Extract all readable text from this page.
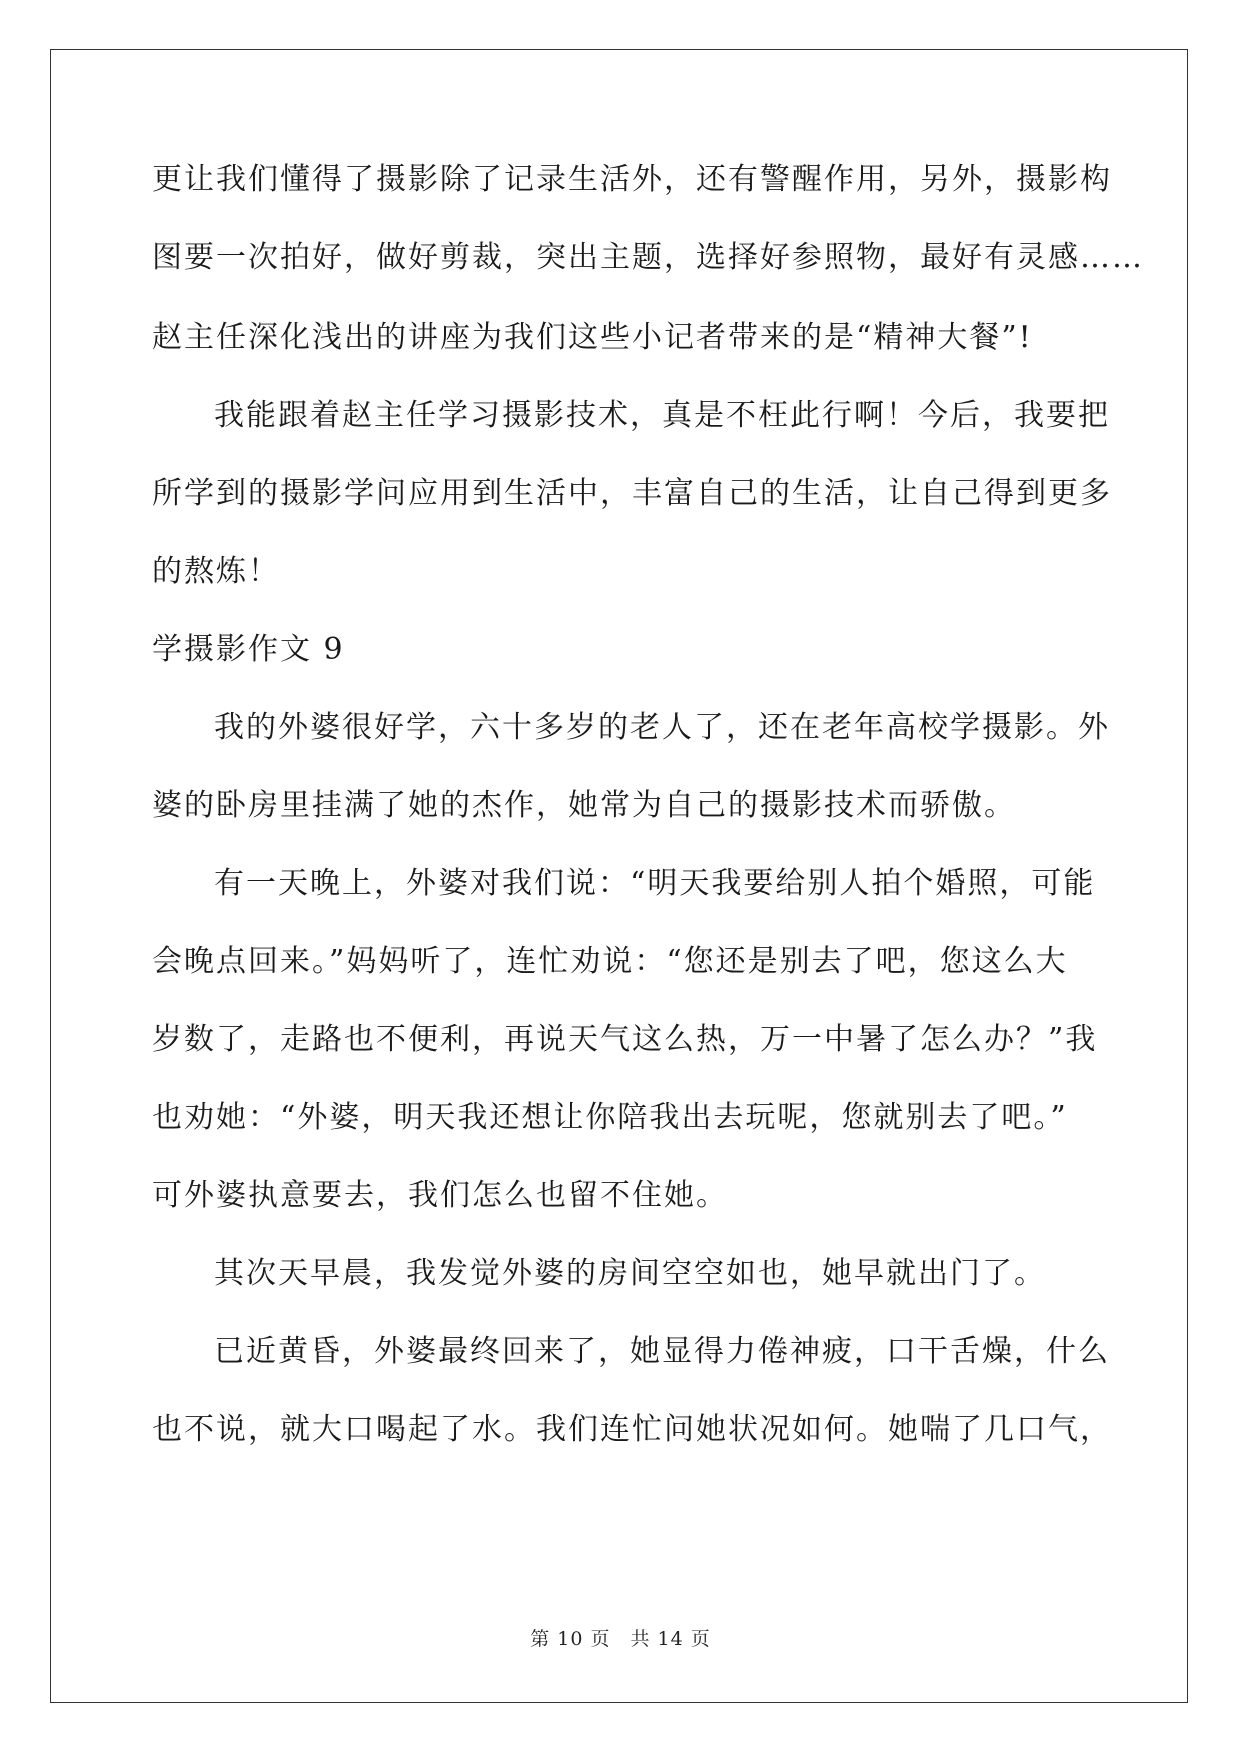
更让我们懂得了摄影除了记录生活外，还有警醒作用，另外，摄影构
图要一次拍好，做好剪裁，突出主题，选择好参照物，最好有灵感……
赵主任深化浅出的讲座为我们这些小记者带来的是“精神大餐”!
我能跟着赵主任学习摄影技术，真是不枉此行啊！今后，我要把
所学到的摄影学问应用到生活中，丰富自己的生活，让自己得到更多
的熬炼！
学摄影作文 9
我的外婆很好学，六十多岁的老人了，还在老年高校学摄影。外
婆的卧房里挂满了她的杰作，她常为自己的摄影技术而骄傲。
有一天晚上，外婆对我们说：“明天我要给别人拍个婚照，可能
会晚点回来。”妈妈听了，连忙劝说：“您还是别去了吧，您这么大
岁数了，走路也不便利，再说天气这么热，万一中暑了怎么办？”我
也劝她：“外婆，明天我还想让你陪我出去玩呢，您就别去了吧。”
可外婆执意要去，我们怎么也留不住她。
其次天早晨，我发觉外婆的房间空空如也，她早就出门了。
已近黄昏，外婆最终回来了，她显得力倦神疲，口干舌燥，什么
也不说，就大口喝起了水。我们连忙问她状况如何。她喘了几口气，
第 10 页 共 14 页
